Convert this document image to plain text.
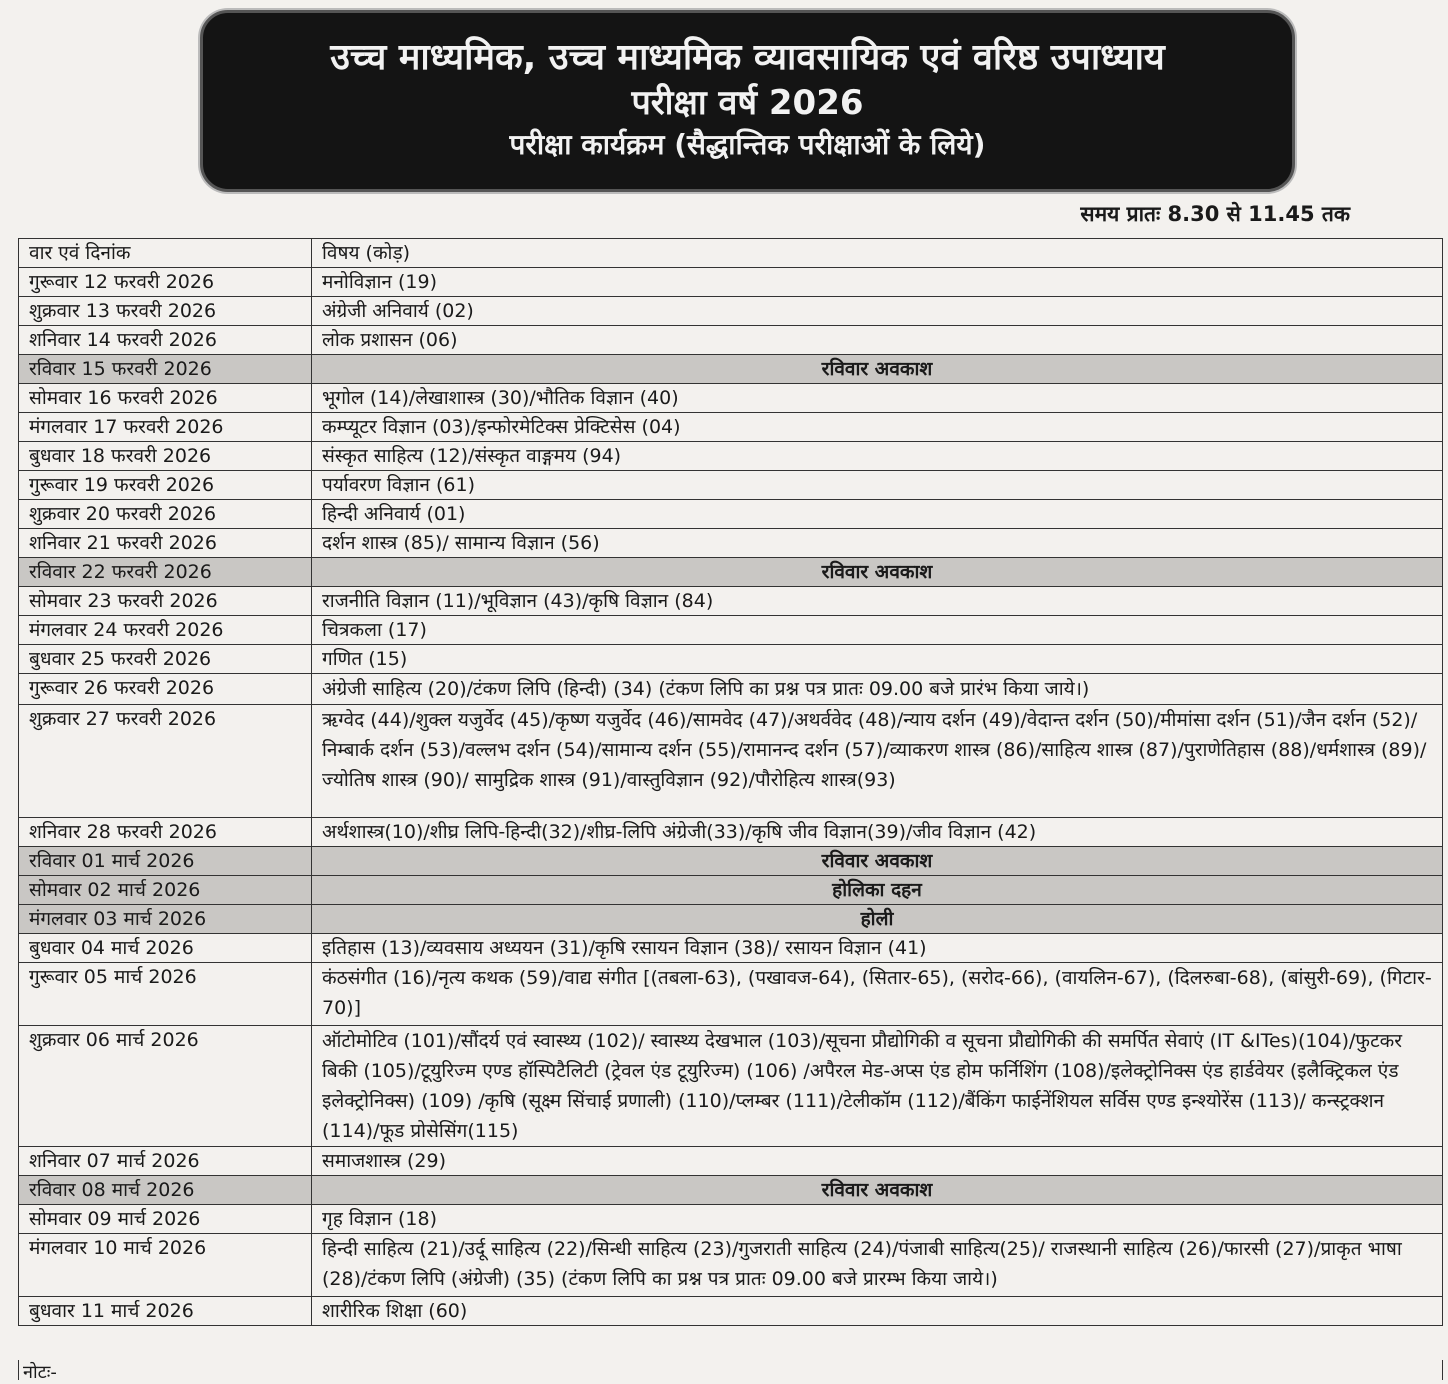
उच्च माध्यमिक, उच्च माध्यमिक व्यावसायिक एवं वरिष्ठ उपाध्याय
परीक्षा वर्ष 2026
परीक्षा कार्यक्रम (सैद्धान्तिक परीक्षाओं के लिये)
समय प्रातः 8.30 से 11.45 तक
वार एवं दिनांक	विषय (कोड़)
गुरूवार 12 फरवरी 2026	मनोविज्ञान (19)
शुक्रवार 13 फरवरी 2026	अंग्रेजी अनिवार्य (02)
शनिवार 14 फरवरी 2026	लोक प्रशासन (06)
रविवार 15 फरवरी 2026	रविवार अवकाश
सोमवार 16 फरवरी 2026	भूगोल (14)/लेखाशास्त्र (30)/भौतिक विज्ञान (40)
मंगलवार 17 फरवरी 2026	कम्प्यूटर विज्ञान (03)/इन्फोरमेटिक्स प्रेक्टिसेस (04)
बुधवार 18 फरवरी 2026	संस्कृत साहित्य (12)/संस्कृत वाङ्गमय (94)
गुरूवार 19 फरवरी 2026	पर्यावरण विज्ञान (61)
शुक्रवार 20 फरवरी 2026	हिन्दी अनिवार्य (01)
शनिवार 21 फरवरी 2026	दर्शन शास्त्र (85)/ सामान्य विज्ञान (56)
रविवार 22 फरवरी 2026	रविवार अवकाश
सोमवार 23 फरवरी 2026	राजनीति विज्ञान (11)/भूविज्ञान (43)/कृषि विज्ञान (84)
मंगलवार 24 फरवरी 2026	चित्रकला (17)
बुधवार 25 फरवरी 2026	गणित (15)
गुरूवार 26 फरवरी 2026	अंग्रेजी साहित्य (20)/टंकण लिपि (हिन्दी) (34) (टंकण लिपि का प्रश्न पत्र प्रातः 09.00 बजे प्रारंभ किया जाये।)
शुक्रवार 27 फरवरी 2026	ऋग्वेद (44)/शुक्ल यजुर्वेद (45)/कृष्ण यजुर्वेद (46)/सामवेद (47)/अथर्ववेद (48)/न्याय दर्शन (49)/वेदान्त दर्शन (50)/मीमांसा दर्शन (51)/जैन दर्शन (52)/निम्बार्क दर्शन (53)/वल्लभ दर्शन (54)/सामान्य दर्शन (55)/रामानन्द दर्शन (57)/व्याकरण शास्त्र (86)/साहित्य शास्त्र (87)/पुराणेतिहास (88)/धर्मशास्त्र (89)/ज्योतिष शास्त्र (90)/ सामुद्रिक शास्त्र (91)/वास्तुविज्ञान (92)/पौरोहित्य शास्त्र(93)
शनिवार 28 फरवरी 2026	अर्थशास्त्र(10)/शीघ्र लिपि-हिन्दी(32)/शीघ्र-लिपि अंग्रेजी(33)/कृषि जीव विज्ञान(39)/जीव विज्ञान (42)
रविवार 01 मार्च 2026	रविवार अवकाश
सोमवार 02 मार्च 2026	होलिका दहन
मंगलवार 03 मार्च 2026	होली
बुधवार 04 मार्च 2026	इतिहास (13)/व्यवसाय अध्ययन (31)/कृषि रसायन विज्ञान (38)/ रसायन विज्ञान (41)
गुरूवार 05 मार्च 2026	कंठसंगीत (16)/नृत्य कथक (59)/वाद्य संगीत [(तबला-63), (पखावज-64), (सितार-65), (सरोद-66), (वायलिन-67), (दिलरुबा-68), (बांसुरी-69), (गिटार- 70)]
शुक्रवार 06 मार्च 2026	ऑटोमोटिव (101)/सौंदर्य एवं स्वास्थ्य (102)/ स्वास्थ्य देखभाल (103)/सूचना प्रौद्योगिकी व सूचना प्रौद्योगिकी की समर्पित सेवाएं (IT &ITes)(104)/फुटकर बिकी (105)/टूयुरिज्म एण्ड हॉस्पिटैलिटी (ट्रेवल एंड टूयुरिज्म) (106) /अपैरल मेड-अप्स एंड होम फर्निशिंग (108)/इलेक्ट्रोनिक्स एंड हार्डवेयर (इलैक्ट्रिकल एंड इलेक्ट्रोनिक्स) (109) /कृषि (सूक्ष्म सिंचाई प्रणाली) (110)/प्लम्बर (111)/टेलीकॉम (112)/बैंकिंग फाईनेंशियल सर्विस एण्ड इन्श्योरेंस (113)/ कन्स्ट्रक्शन (114)/फूड प्रोसेसिंग(115)
शनिवार 07 मार्च 2026	समाजशास्त्र (29)
रविवार 08 मार्च 2026	रविवार अवकाश
सोमवार 09 मार्च 2026	गृह विज्ञान (18)
मंगलवार 10 मार्च 2026	हिन्दी साहित्य (21)/उर्दू साहित्य (22)/सिन्धी साहित्य (23)/गुजराती साहित्य (24)/पंजाबी साहित्य(25)/ राजस्थानी साहित्य (26)/फारसी (27)/प्राकृत भाषा (28)/टंकण लिपि (अंग्रेजी) (35) (टंकण लिपि का प्रश्न पत्र प्रातः 09.00 बजे प्रारम्भ किया जाये।)
बुधवार 11 मार्च 2026	शारीरिक शिक्षा (60)
नोटः-
